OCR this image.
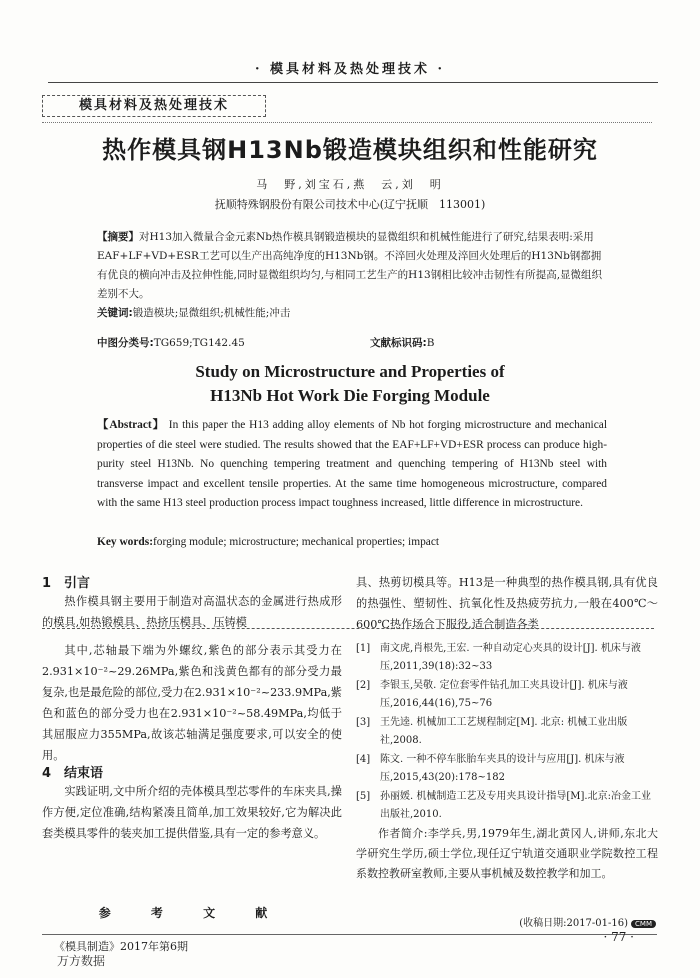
· 模具材料及热处理技术 ·
模具材料及热处理技术
热作模具钢H13Nb锻造模块组织和性能研究
马　野,刘宝石,燕　云,刘　明
抚顺特殊钢股份有限公司技术中心(辽宁抚顺　113001)
【摘要】对H13加入微量合金元素Nb热作模具钢锻造模块的显微组织和机械性能进行了研究,结果表明:采用EAF+LF+VD+ESR工艺可以生产出高纯净度的H13Nb钢。不淬回火处理及淬回火处理后的H13Nb钢都拥有优良的横向冲击及拉伸性能,同时显微组织均匀,与相同工艺生产的H13钢相比较冲击韧性有所提高,显微组织差别不大。
关键词:锻造模块;显微组织;机械性能;冲击
中图分类号:TG659;TG142.45	文献标识码:B
Study on Microstructure and Properties of
H13Nb Hot Work Die Forging Module
【Abstract】 In this paper the H13 adding alloy elements of Nb hot forging microstructure and mechanical properties of die steel were studied. The results showed that the EAF+LF+VD+ESR process can produce high-purity steel H13Nb. No quenching tempering treatment and quenching tempering of H13Nb steel with transverse impact and excellent tensile properties. At the same time homogeneous microstructure, compared with the same H13 steel production process impact toughness increased, little difference in microstructure.
Key words:forging module; microstructure; mechanical properties; impact
1　引言
热作模具钢主要用于制造对高温状态的金属进行热成形的模具,如热锻模具、热挤压模具、压铸模
具、热剪切模具等。H13是一种典型的热作模具钢,具有优良的热强性、塑韧性、抗氧化性及热疲劳抗力,一般在400℃～600℃热作场合下服役,适合制造各类
其中,芯轴最下端为外螺纹,紫色的部分表示其受力在2.931×10⁻²~29.26MPa,紫色和浅黄色都有的部分受力最复杂,也是最危险的部位,受力在2.931×10⁻²~233.9MPa,紫色和蓝色的部分受力也在2.931×10⁻²~58.49MPa,均低于其屈服应力355MPa,故该芯轴满足强度要求,可以安全的使用。
4　结束语
实践证明,文中所介绍的壳体模具型芯零件的车床夹具,操作方便,定位准确,结构紧凑且简单,加工效果较好,它为解决此套类模具零件的装夹加工提供借鉴,具有一定的参考意义。
参 考 文 献
[1] 南文虎,肖根先,王宏. 一种自动定心夹具的设计[J]. 机床与液压,2011,39(18):32~33
[2] 李银玉,吴敬. 定位套零件钻孔加工夹具设计[J]. 机床与液压,2016,44(16),75~76
[3] 王先逵. 机械加工工艺规程制定[M]. 北京: 机械工业出版社,2008.
[4] 陈文. 一种不停车胀胎车夹具的设计与应用[J]. 机床与液压,2015,43(20):178~182
[5] 孙丽媛. 机械制造工艺及专用夹具设计指导[M].北京:冶金工业出版社,2010.
作者简介:李学兵,男,1979年生,湖北黄冈人,讲师,东北大学研究生学历,硕士学位,现任辽宁轨道交通职业学院数控工程系数控教研室教师,主要从事机械及数控教学和加工。
(收稿日期:2017-01-16) CMM
《模具制造》2017年第6期
· 77 ·
万方数据
